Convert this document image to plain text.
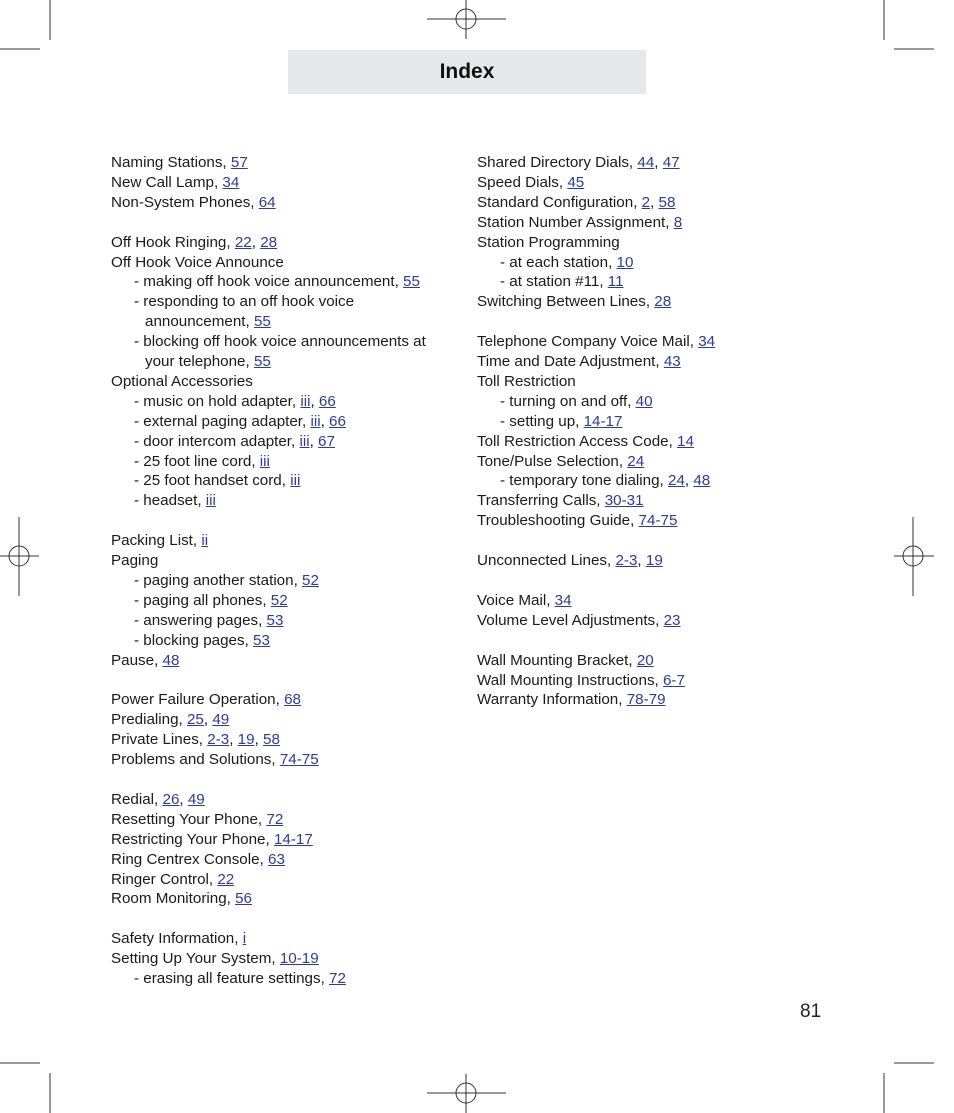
Index
Naming Stations, 57
New Call Lamp, 34
Non-System Phones, 64
Off Hook Ringing, 22, 28
Off Hook Voice Announce
- making off hook voice announcement, 55
- responding to an off hook voice
announcement, 55
- blocking off hook voice announcements at
your telephone, 55
Optional Accessories
- music on hold adapter, iii, 66
- external paging adapter, iii, 66
- door intercom adapter, iii, 67
- 25 foot line cord, iii
- 25 foot handset cord, iii
- headset, iii
Packing List, ii
Paging
- paging another station, 52
- paging all phones, 52
- answering pages, 53
- blocking pages, 53
Pause, 48
Power Failure Operation, 68
Predialing, 25, 49
Private Lines, 2-3, 19, 58
Problems and Solutions, 74-75
Redial, 26, 49
Resetting Your Phone, 72
Restricting Your Phone, 14-17
Ring Centrex Console, 63
Ringer Control, 22
Room Monitoring, 56
Safety Information, i
Setting Up Your System, 10-19
- erasing all feature settings, 72
Shared Directory Dials, 44, 47
Speed Dials, 45
Standard Configuration, 2, 58
Station Number Assignment, 8
Station Programming
- at each station, 10
- at station #11, 11
Switching Between Lines, 28
Telephone Company Voice Mail, 34
Time and Date Adjustment, 43
Toll Restriction
- turning on and off, 40
- setting up, 14-17
Toll Restriction Access Code, 14
Tone/Pulse Selection, 24
- temporary tone dialing, 24, 48
Transferring Calls, 30-31
Troubleshooting Guide, 74-75
Unconnected Lines, 2-3, 19
Voice Mail, 34
Volume Level Adjustments, 23
Wall Mounting Bracket, 20
Wall Mounting Instructions, 6-7
Warranty Information, 78-79
81
